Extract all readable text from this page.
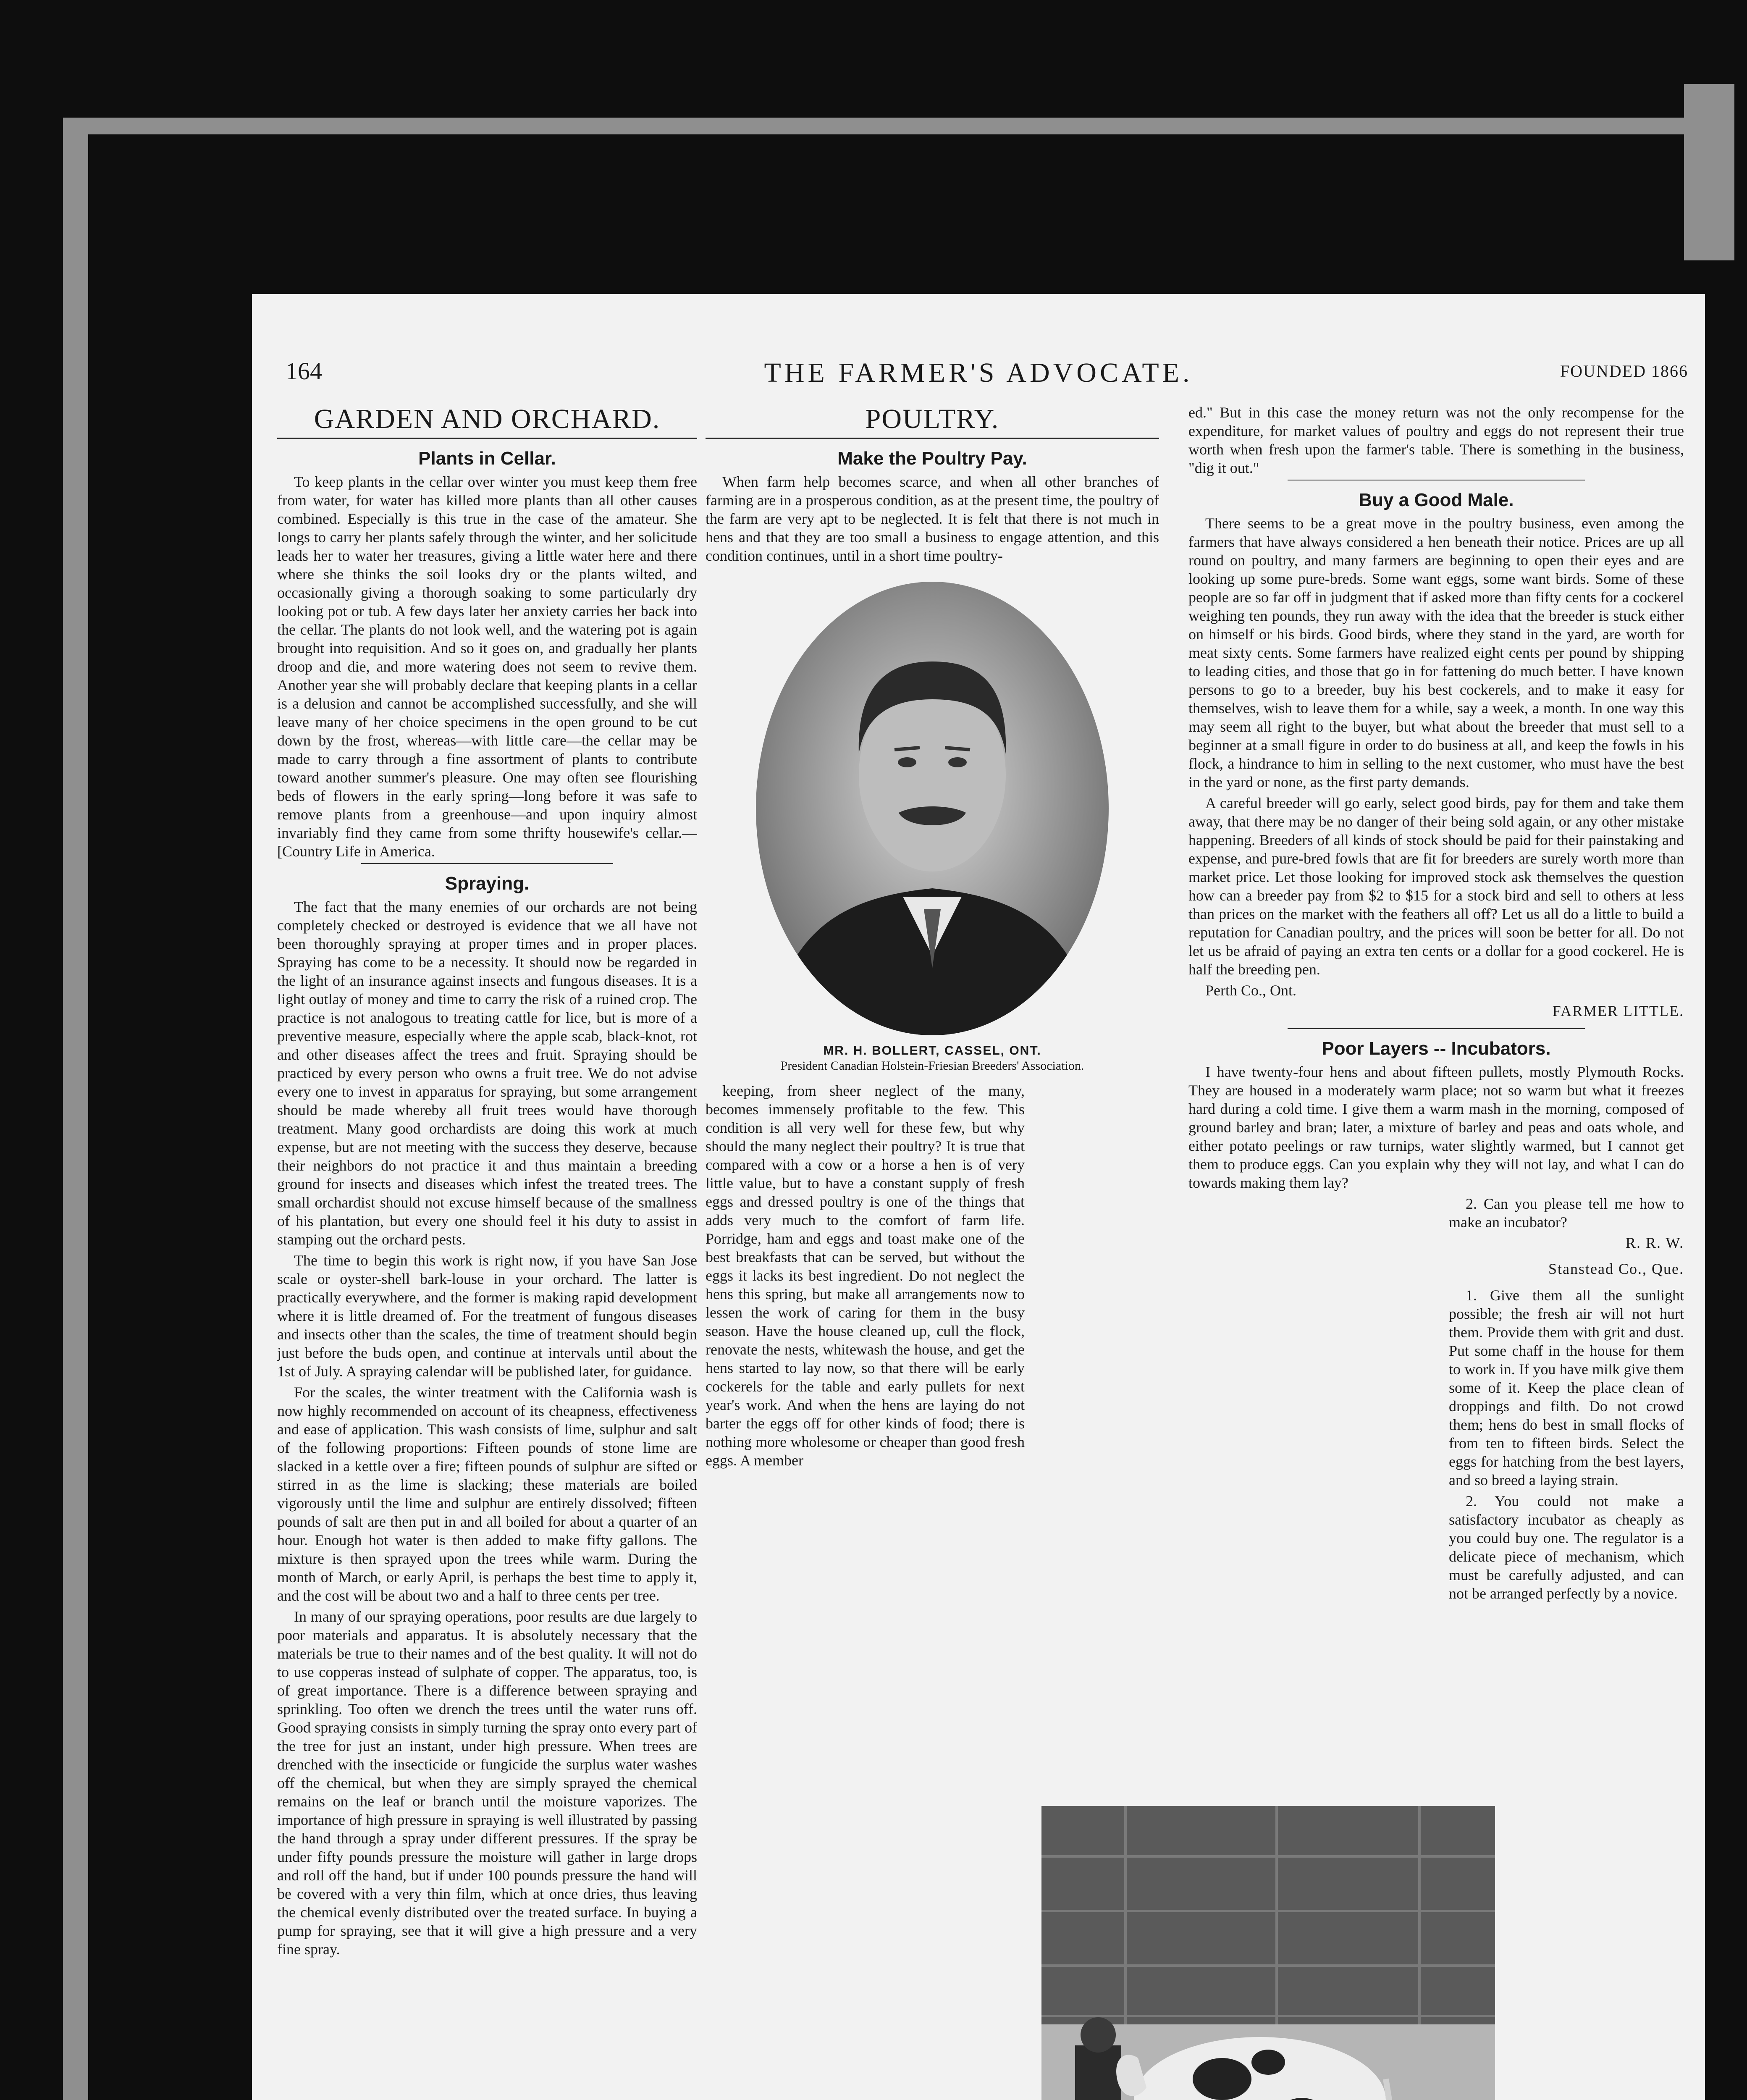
164	THE FARMER'S ADVOCATE.	FOUNDED 1866
GARDEN AND ORCHARD.
Plants in Cellar.

To keep plants in the cellar over winter you must keep them free from water, for water has killed more plants than all other causes combined. Especially is this true in the case of the amateur. She longs to carry her plants safely through the winter, and her solicitude leads her to water her treasures, giving a little water here and there where she thinks the soil looks dry or the plants wilted, and occasionally giving a thorough soaking to some particularly dry looking pot or tub. A few days later her anxiety carries her back into the cellar. The plants do not look well, and the watering pot is again brought into requisition. And so it goes on, and gradually her plants droop and die, and more watering does not seem to revive them. Another year she will probably declare that keeping plants in a cellar is a delusion and cannot be accomplished successfully, and she will leave many of her choice specimens in the open ground to be cut down by the frost, whereas—with little care—the cellar may be made to carry through a fine assortment of plants to contribute toward another summer's pleasure. One may often see flourishing beds of flowers in the early spring—long before it was safe to remove plants from a greenhouse—and upon inquiry almost invariably find they came from some thrifty housewife's cellar.—[Country Life in America.

Spraying.

The fact that the many enemies of our orchards are not being completely checked or destroyed is evidence that we all have not been thoroughly spraying at proper times and in proper places. Spraying has come to be a necessity. It should now be regarded in the light of an insurance against insects and fungous diseases. It is a light outlay of money and time to carry the risk of a ruined crop. The practice is not analogous to treating cattle for lice, but is more of a preventive measure, especially where the apple scab, black-knot, rot and other diseases affect the trees and fruit. Spraying should be practiced by every person who owns a fruit tree. We do not advise every one to invest in apparatus for spraying, but some arrangement should be made whereby all fruit trees would have thorough treatment. Many good orchardists are doing this work at much expense, but are not meeting with the success they deserve, because their neighbors do not practice it and thus maintain a breeding ground for insects and diseases which infest the treated trees. The small orchardist should not excuse himself because of the smallness of his plantation, but every one should feel it his duty to assist in stamping out the orchard pests.

The time to begin this work is right now, if you have San Jose scale or oyster-shell bark-louse in your orchard. The latter is practically everywhere, and the former is making rapid development where it is little dreamed of. For the treatment of fungous diseases and insects other than the scales, the time of treatment should begin just before the buds open, and continue at intervals until about the 1st of July. A spraying calendar will be published later, for guidance.

For the scales, the winter treatment with the California wash is now highly recommended on account of its cheapness, effectiveness and ease of application. This wash consists of lime, sulphur and salt of the following proportions: Fifteen pounds of stone lime are slacked in a kettle over a fire; fifteen pounds of sulphur are sifted or stirred in as the lime is slacking; these materials are boiled vigorously until the lime and sulphur are entirely dissolved; fifteen pounds of salt are then put in and all boiled for about a quarter of an hour. Enough hot water is then added to make fifty gallons. The mixture is then sprayed upon the trees while warm. During the month of March, or early April, is perhaps the best time to apply it, and the cost will be about two and a half to three cents per tree.

In many of our spraying operations, poor results are due largely to poor materials and apparatus. It is absolutely necessary that the materials be true to their names and of the best quality. It will not do to use copperas instead of sulphate of copper. The apparatus, too, is of great importance. There is a difference between spraying and sprinkling. Too often we drench the trees until the water runs off. Good spraying consists in simply turning the spray onto every part of the tree for just an instant, under high pressure. When trees are drenched with the insecticide or fungicide the surplus water washes off the chemical, but when they are simply sprayed the chemical remains on the leaf or branch until the moisture vaporizes. The importance of high pressure in spraying is well illustrated by passing the hand through a spray under different pressures. If the spray be under fifty pounds pressure the moisture will gather in large drops and roll off the hand, but if under 100 pounds pressure the hand will be covered with a very thin film, which at once dries, thus leaving the chemical evenly distributed over the treated surface. In buying a pump for spraying, see that it will give a high pressure and a very fine spray.

POULTRY.
Make the Poultry Pay.

When farm help becomes scarce, and when all other branches of farming are in a prosperous condition, as at the present time, the poultry of the farm are very apt to be neglected. It is felt that there is not much in hens and that they are too small a business to engage attention, and this condition continues, until in a short time poultry-

MR. H. BOLLERT, CASSEL, ONT.
President Canadian Holstein-Friesian Breeders' Association.

keeping, from sheer neglect of the many, becomes immensely profitable to the few. This condition is all very well for these few, but why should the many neglect their poultry? It is true that compared with a cow or a horse a hen is of very little value, but to have a constant supply of fresh eggs and dressed poultry is one of the things that adds very much to the comfort of farm life. Porridge, ham and eggs and toast make one of the best breakfasts that can be served, but without the eggs it lacks its best ingredient. Do not neglect the hens this spring, but make all arrangements now to lessen the work of caring for them in the busy season. Have the house cleaned up, cull the flock, renovate the nests, whitewash the house, and get the hens started to lay now, so that there will be early cockerels for the table and early pullets for next year's work. And when the hens are laying do not barter the eggs off for other kinds of food; there is nothing more wholesome or cheaper than good fresh eggs. A member

ed." But in this case the money return was not the only recompense for the expenditure, for market values of poultry and eggs do not represent their true worth when fresh upon the farmer's table. There is something in the business, "dig it out."

Buy a Good Male.

There seems to be a great move in the poultry business, even among the farmers that have always considered a hen beneath their notice. Prices are up all round on poultry, and many farmers are beginning to open their eyes and are looking up some pure-breds. Some want eggs, some want birds. Some of these people are so far off in judgment that if asked more than fifty cents for a cockerel weighing ten pounds, they run away with the idea that the breeder is stuck either on himself or his birds. Good birds, where they stand in the yard, are worth for meat sixty cents. Some farmers have realized eight cents per pound by shipping to leading cities, and those that go in for fattening do much better. I have known persons to go to a breeder, buy his best cockerels, and to make it easy for themselves, wish to leave them for a while, say a week, a month. In one way this may seem all right to the buyer, but what about the breeder that must sell to a beginner at a small figure in order to do business at all, and keep the fowls in his flock, a hindrance to him in selling to the next customer, who must have the best in the yard or none, as the first party demands.

A careful breeder will go early, select good birds, pay for them and take them away, that there may be no danger of their being sold again, or any other mistake happening. Breeders of all kinds of stock should be paid for their painstaking and expense, and pure-bred fowls that are fit for breeders are surely worth more than market price. Let those looking for improved stock ask themselves the question how can a breeder pay from $2 to $15 for a stock bird and sell to others at less than prices on the market with the feathers all off? Let us all do a little to build a reputation for Canadian poultry, and the prices will soon be better for all. Do not let us be afraid of paying an extra ten cents or a dollar for a good cockerel. He is half the breeding pen.

Perth Co., Ont.

FARMER LITTLE.
Poor Layers -- Incubators.

I have twenty-four hens and about fifteen pullets, mostly Plymouth Rocks. They are housed in a moderately warm place; not so warm but what it freezes hard during a cold time. I give them a warm mash in the morning, composed of ground barley and bran; later, a mixture of barley and peas and oats whole, and either potato peelings or raw turnips, water slightly warmed, but I cannot get them to produce eggs. Can you explain why they will not lay, and what I can do towards making them lay?

2. Can you please tell me how to make an incubator?

R. R. W.
Stanstead Co., Que.

1. Give them all the sunlight possible; the fresh air will not hurt them. Provide them with grit and dust. Put some chaff in the house for them to work in. If you have milk give them some of it. Keep the place clean of droppings and filth. Do not crowd them; hens do best in small flocks of from ten to fifteen birds. Select the eggs for hatching from the best layers, and so breed a laying strain.

2. You could not make a satisfactory incubator as cheaply as you could buy one. The regulator is a delicate piece of mechanism, which must be carefully adjusted, and can not be arranged perfectly by a novice.
